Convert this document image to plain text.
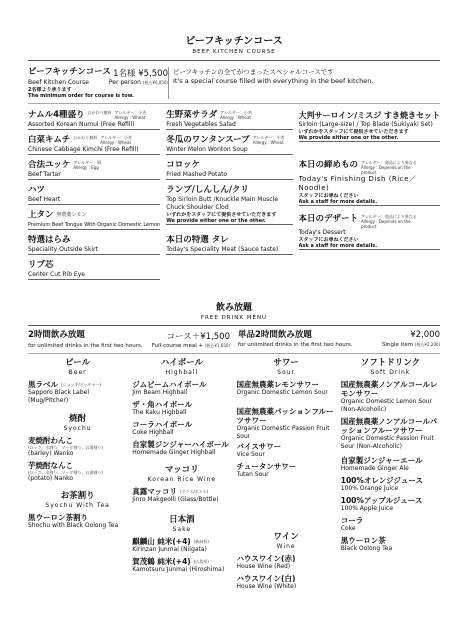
ビーフキッチンコース
BEEF KITCHEN COURSE
ビーフキッチンコース 1名様 ¥5,500
Beef Kitchen Course	Per person (税込¥6,050)
2名様より承ります
The minimum order for course is tow.
ビーフキッチンの全てがつまったスペシャルコースです
It's a special course filled with everything in the beef kitchen.
ナムル4種盛り おかわり無料 アレルギー：小麦 Allergy : Wheat
Assorted Korean Numul (Free Refill)
白菜キムチ おかわり無料 アレルギー：小麦 Allergy : Wheat
Chinese Cabbage Kimchi (Free Refill)
合法ユッケ アレルギー：卵 Allergy : Egg
Beef Tartar
ハツ
Beef Heart
上タン 無農薬レモン
Premium Beef Tongue With Organic Domestic Lemon
特選はらみ
Speciality Outside Skirt
リブ芯
Center Cut Rib Eye
生野菜サラダ アレルギー：小麦 Allergy : Wheat
Fresh Vegetables Salad
冬瓜のワンタンスープ アレルギー：小麦 Allergy : Wheat
Winter Melon Wonton Soup
コロッケ
Fried Mashed Potato
ランプ/しんしん/クリ
Top Sirloin Butt /Knuckle Main Muscle Chuck Shoulder Clod
いずれかをスタッフにて提供させていただきます
We provide either one or the other.
本日の特選 タレ
Today's Speciality Meat (Sauce taste)
大判サーロイン/ミスジ すき焼きセット
Sirloin (Large-size) / Top Blade (Sukiyaki Set)
いずれかをスタッフにて提供させていただきます
We provide either one or the other.
本日の締めもの アレルギー：商品により異なる Allergy : Depends on the product
Today's Finishing Dish (Rice／Noodle)
スタッフにお尋ねください
Ask a staff for more details.
本日のデザート アレルギー：商品により異なる Allergy : Depends on the product
Today's Dessert
スタッフにお尋ねください
Ask a staff for more details.
飲み放題
FREE DRINK MENU
2時間飲み放題	コース＋¥1,500
for unlimited drinks in the first two hours. Full course meal + (税込¥1,650)
単品2時間飲み放題	¥2,000
for unlimited drinks in the first two hours.	Single item (税込¥2,200)
ビール
Beer
黒ラベル (ジョッキ/ピッチャー)
Sapporo Black Label (Mug/Pitcher)
焼酎
Syochu
麦焼酎わんこ
(ロック、水割り、ソーダ割り、お湯割り)
(barley) Wanko
芋焼酎なんこ
(ロック、水割り、ソーダ割り、お湯割り)
(potato) Nanko
お茶割り
Syochu With Tea
黒ウーロン茶割り
Shochu with Black Oolong Tea
ハイボール
Highball
ジムビームハイボール
Jim Beam Highball
ザ・角ハイボール
The Kaku Highball
コーラハイボール
Coke Highball
自家製ジンジャーハイボール
Homemade Ginger Highball
マッコリ
Korean Rice Wine
真露マッコリ (グラス/ボトル)
Jinro Makgeolli (Glass/Bottle)
日本酒
Sake
麒麟山 純米(+4) (新潟県)
Kirinzan Junmai (Niigata)
賀茂鶴 純米(+4) (広島県)
Kamotsuru Junmai (Hiroshima)
サワー
Sour
国産無農薬レモンサワー
Organic Domestic Lemon Sour
国産無農薬パッションフルーツサワー
Organic Domestic Passion Fruit Sour
バイスサワー
Vice Sour
チュータンサワー
Tutan Sour
ワイン
Wine
ハウスワイン(赤)
House Wine (Red)
ハウスワイン(白)
House Wine (White)
ソフトドリンク
Soft Drink
国産無農薬ノンアルコールレモンサワー
Organic Domestic Lemon Sour (Non-Alcoholic)
国産無農薬ノンアルコールパッションフルーツサワー
Organic Domestic Passion Fruit Sour (Non-Alcoholic)
自家製ジンジャーエール
Homemade Ginger Ale
100%オレンジジュース
100% Orange Juice
100%アップルジュース
100% Apple Juice
コーラ
Coke
黒ウーロン茶
Black Oolong Tea
